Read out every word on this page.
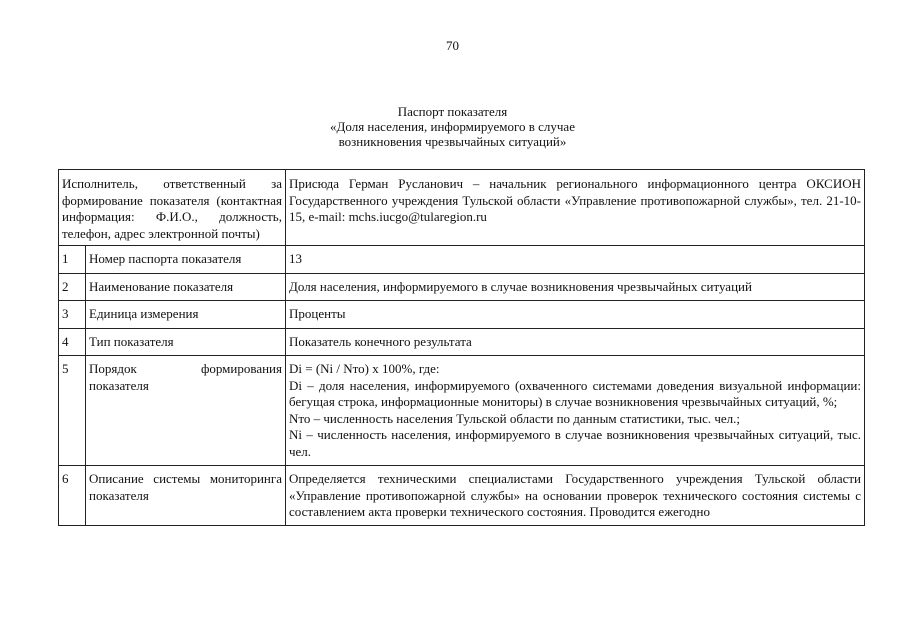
70
Паспорт показателя
«Доля населения, информируемого в случае
возникновения чрезвычайных ситуаций»
Исполнитель, ответственный за формирование показателя (контактная информация: Ф.И.О., должность, телефон, адрес электронной почты)		Присюда Герман Русланович – начальник регионального информационного центра ОКСИОН Государственного учреждения Тульской области «Управление противопожарной службы», тел. 21-10-15, e-mail: mchs.iucgo@tularegion.ru
1	Номер паспорта показателя	13
2	Наименование показателя	Доля населения, информируемого в случае возникновения чрезвычайных ситуаций
3	Единица измерения	Проценты
4	Тип показателя	Показатель конечного результата
5	Порядок формирования показателя	Di = (Ni / Nто) x 100%, где:
Di – доля населения, информируемого (охваченного системами доведения визуальной информации: бегущая строка, информационные мониторы) в случае возникновения чрезвычайных ситуаций, %;
Nто – численность населения Тульской области по данным статистики, тыс. чел.;
Ni – численность населения, информируемого в случае возникновения чрезвычайных ситуаций, тыс. чел.

6	Описание системы мониторинга показателя	Определяется техническими специалистами Государственного учреждения Тульской области «Управление противопожарной службы» на основании проверок технического состояния системы с составлением акта проверки технического состояния. Проводится ежегодно
